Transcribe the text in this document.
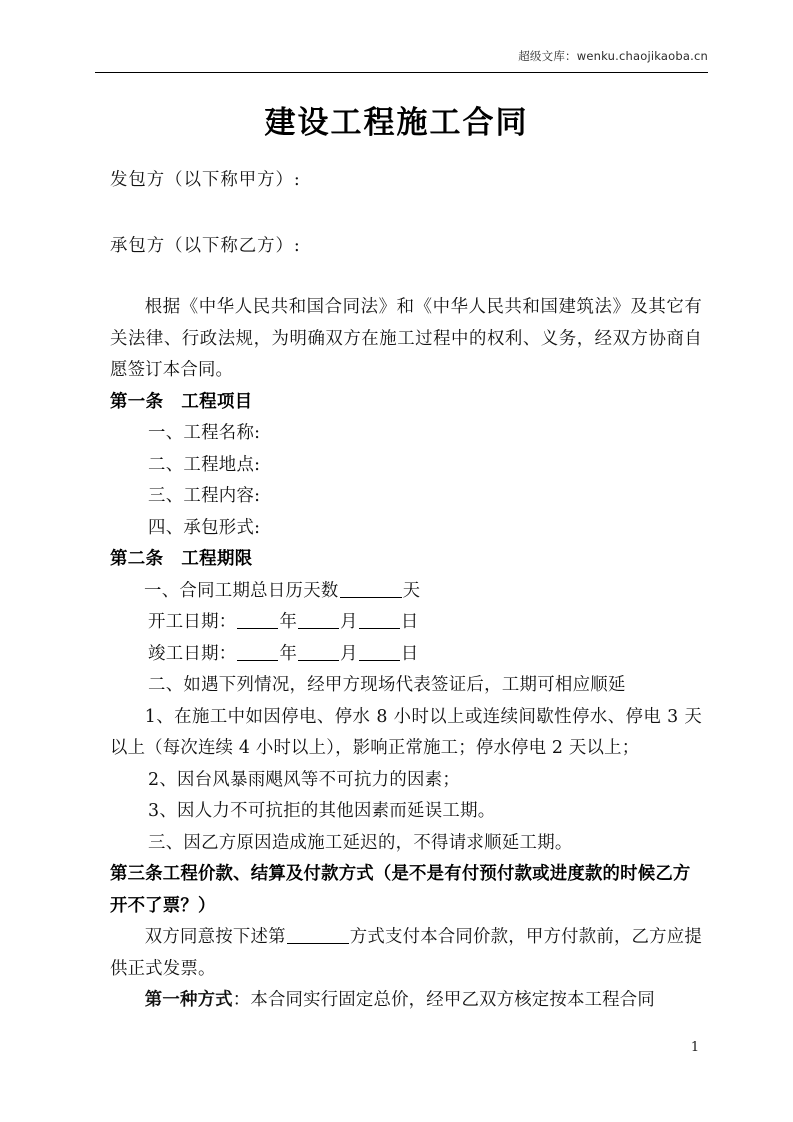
超级文库：wenku.chaojikaoba.cn
建设工程施工合同
发包方（以下称甲方）:
承包方（以下称乙方）:
根据《中华人民共和国合同法》和《中华人民共和国建筑法》及其它有关法律、行政法规，为明确双方在施工过程中的权利、义务，经双方协商自愿签订本合同。
第一条 工程项目
一、工程名称:
二、工程地点:
三、工程内容:
四、承包形式:
第二条 工程期限
一、合同工期总日历天数	天
开工日期： 年 月 日
竣工日期： 年 月 日
二、如遇下列情况，经甲方现场代表签证后，工期可相应顺延
1、在施工中如因停电、停水 8 小时以上或连续间歇性停水、停电 3 天以上（每次连续 4 小时以上），影响正常施工；停水停电 2 天以上；
2、因台风暴雨飓风等不可抗力的因素；
3、因人力不可抗拒的其他因素而延误工期。
三、因乙方原因造成施工延迟的，不得请求顺延工期。
第三条工程价款、结算及付款方式（是不是有付预付款或进度款的时候乙方开不了票？）
双方同意按下述第	方式支付本合同价款，甲方付款前，乙方应提供正式发票。
第一种方式：本合同实行固定总价，经甲乙双方核定按本工程合同
1
